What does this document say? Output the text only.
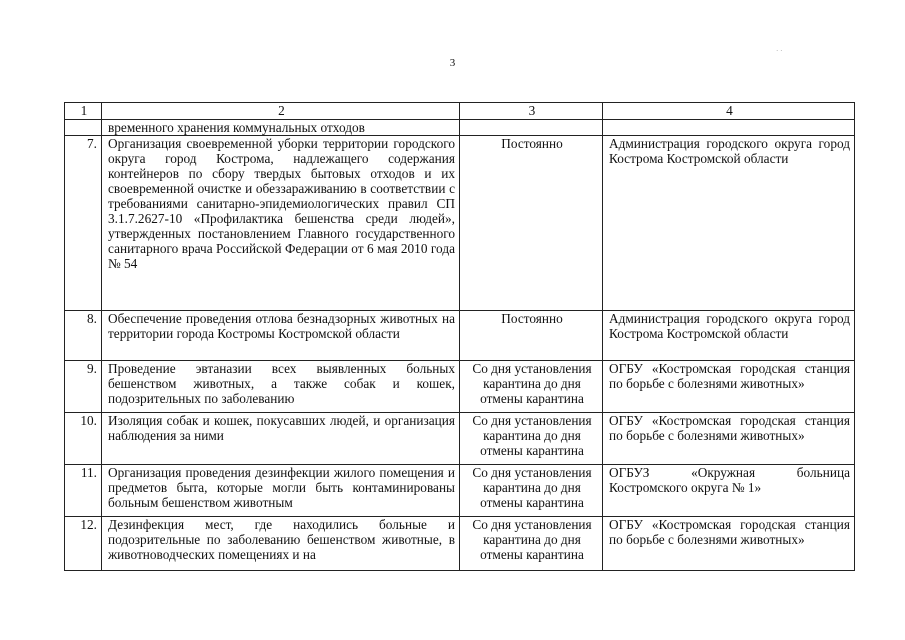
3
· ·
1	2	3	4
	временного хранения коммунальных отходов		
7.	Организация своевременной уборки территории городского округа город Кострома, надлежащего содержания контейнеров по сбору твердых бытовых отходов и их своевременной очистке и обеззараживанию в соответствии с требованиями санитарно-эпидемиологических правил СП 3.1.7.2627-10 «Профилактика бешенства среди людей», утвержденных постановлением Главного государственного санитарного врача Российской Федерации от 6 мая 2010 года № 54	Постоянно	Администрация городского округа город Кострома Костромской области
8.	Обеспечение проведения отлова безнадзорных животных на территории города Костромы Костромской области	Постоянно	Администрация городского округа город Кострома Костромской области
9.	Проведение эвтаназии всех выявленных больных бешенством животных, а также собак и кошек, подозрительных по заболеванию	Со дня установления карантина до дня отмены карантина	ОГБУ «Костромская городская станция по борьбе с болезнями животных»
10.	Изоляция собак и кошек, покусавших людей, и организация наблюдения за ними	Со дня установления карантина до дня отмены карантина	ОГБУ «Костромская городская станция по борьбе с болезнями животных»
11.	Организация проведения дезинфекции жилого помещения и предметов быта, которые могли быть контаминированы больным бешенством животным	Со дня установления карантина до дня отмены карантина	ОГБУЗ «Окружная больница Костромского округа № 1»
12.	Дезинфекция мест, где находились больные и подозрительные по заболеванию бешенством животные, в животноводческих помещениях и на	Со дня установления карантина до дня отмены карантина	ОГБУ «Костромская городская станция по борьбе с болезнями животных»
